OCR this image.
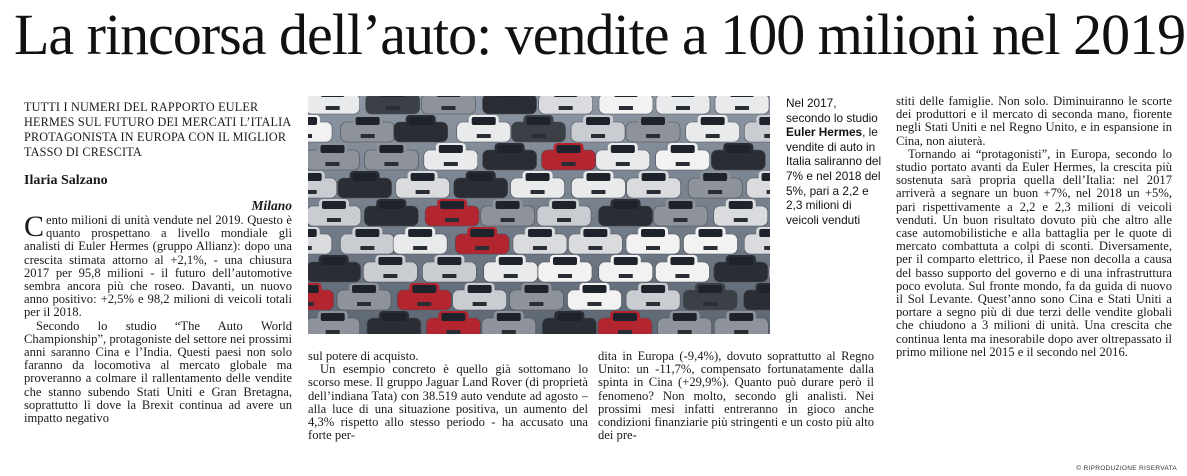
La rincorsa dell’auto: vendite a 100 milioni nel 2019
TUTTI I NUMERI DEL RAPPORTO EULER HERMES SUL FUTURO DEI MERCATI L’ITALIA PROTAGONISTA IN EUROPA CON IL MIGLIOR TASSO DI CRESCITA
Ilaria Salzano
Milano

Cento milioni di unità vendute nel 2019. Questo è quanto prospettano a livello mondiale gli analisti di Euler Hermes (gruppo Allianz): dopo una crescita stimata attorno al +2,1%, - una chiusura 2017 per 95,8 milioni - il futuro dell’automotive sembra ancora più che roseo. Davanti, un nuovo anno positivo: +2,5% e 98,2 milioni di veicoli totali per il 2018.

Secondo lo studio “The Auto World Championship”, protagoniste del settore nei prossimi anni saranno Cina e l’India. Questi paesi non solo faranno da locomotiva al mercato globale ma proveranno a colmare il rallentamento delle vendite che stanno subendo Stati Uniti e Gran Bretagna, soprattutto lì dove la Brexit continua ad avere un impatto negativo

Nel 2017, secondo lo studio Euler Hermes, le vendite di auto in Italia saliranno del 7% e nel 2018 del 5%, pari a 2,2 e 2,3 milioni di veicoli venduti

sul potere di acquisto.

Un esempio concreto è quello già sottomano lo scorso mese. Il gruppo Jaguar Land Rover (di proprietà dell’indiana Tata) con 38.519 auto vendute ad agosto – alla luce di una situazione positiva, un aumento del 4,3% rispetto allo stesso periodo - ha accusato una forte per-

dita in Europa (-9,4%), dovuto soprattutto al Regno Unito: un -11,7%, compensato fortunatamente dalla spinta in Cina (+29,9%). Quanto può durare però il fenomeno? Non molto, secondo gli analisti. Nei prossimi mesi infatti entreranno in gioco anche condizioni finanziarie più stringenti e un costo più alto dei pre-

stiti delle famiglie. Non solo. Diminuiranno le scorte dei produttori e il mercato di seconda mano, fiorente negli Stati Uniti e nel Regno Unito, e in espansione in Cina, non aiuterà.

Tornando ai “protagonisti”, in Europa, secondo lo studio portato avanti da Euler Hermes, la crescita più sostenuta sarà propria quella dell’Italia: nel 2017 arriverà a segnare un buon +7%, nel 2018 un +5%, pari rispettivamente a 2,2 e 2,3 milioni di veicoli venduti. Un buon risultato dovuto più che altro alle case automobilistiche e alla battaglia per le quote di mercato combattuta a colpi di sconti. Diversamente, per il comparto elettrico, il Paese non decolla a causa del basso supporto del governo e di una infrastruttura poco evoluta. Sul fronte mondo, fa da guida di nuovo il Sol Levante. Quest’anno sono Cina e Stati Uniti a portare a segno più di due terzi delle vendite globali che chiudono a 3 milioni di unità. Una crescita che continua lenta ma inesorabile dopo aver oltrepassato il primo milione nel 2015 e il secondo nel 2016.

© RIPRODUZIONE RISERVATA
